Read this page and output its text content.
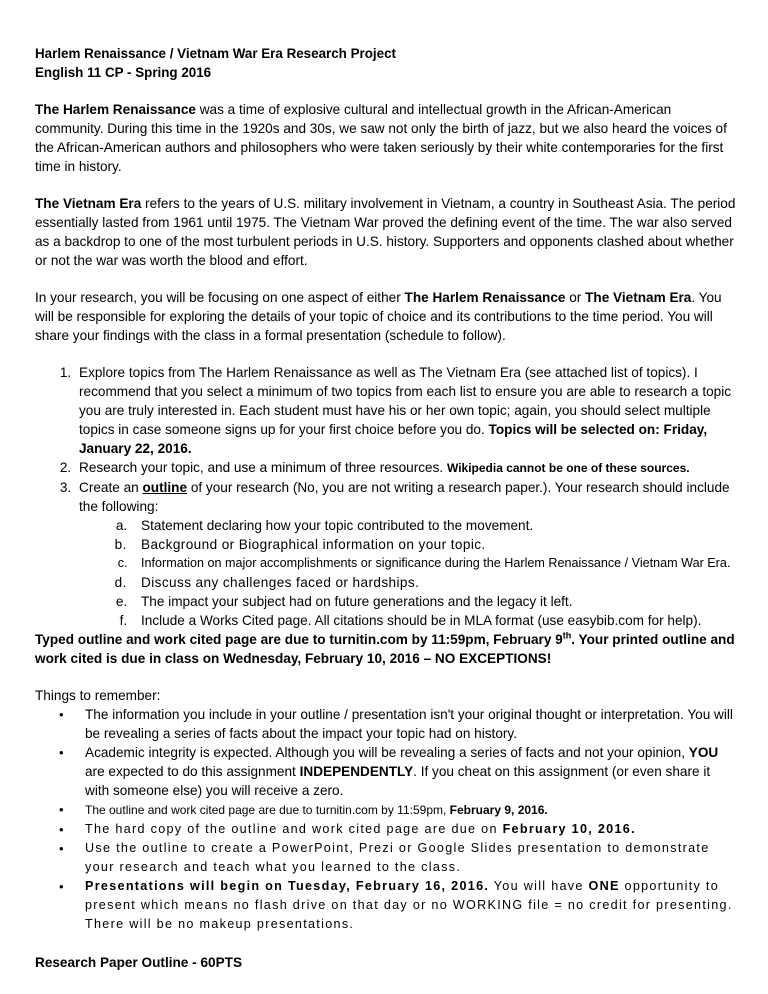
Harlem Renaissance / Vietnam War Era Research Project

English 11 CP - Spring 2016

The Harlem Renaissance was a time of explosive cultural and intellectual growth in the African-American community. During this time in the 1920s and 30s, we saw not only the birth of jazz, but we also heard the voices of the African-American authors and philosophers who were taken seriously by their white contemporaries for the first time in history.

The Vietnam Era refers to the years of U.S. military involvement in Vietnam, a country in Southeast Asia. The period essentially lasted from 1961 until 1975. The Vietnam War proved the defining event of the time. The war also served as a backdrop to one of the most turbulent periods in U.S. history. Supporters and opponents clashed about whether or not the war was worth the blood and effort.

In your research, you will be focusing on one aspect of either The Harlem Renaissance or The Vietnam Era. You will be responsible for exploring the details of your topic of choice and its contributions to the time period. You will share your findings with the class in a formal presentation (schedule to follow).

1. Explore topics from The Harlem Renaissance as well as The Vietnam Era (see attached list of topics). I recommend that you select a minimum of two topics from each list to ensure you are able to research a topic you are truly interested in. Each student must have his or her own topic; again, you should select multiple topics in case someone signs up for your first choice before you do. Topics will be selected on: Friday, January 22, 2016.
2. Research your topic, and use a minimum of three resources. Wikipedia cannot be one of these sources.
3. Create an outline of your research (No, you are not writing a research paper.). Your research should include the following:
a. Statement declaring how your topic contributed to the movement.
b. Background or Biographical information on your topic.
c. Information on major accomplishments or significance during the Harlem Renaissance / Vietnam War Era.
d. Discuss any challenges faced or hardships.
e. The impact your subject had on future generations and the legacy it left.
f. Include a Works Cited page. All citations should be in MLA format (use easybib.com for help).

Typed outline and work cited page are due to turnitin.com by 11:59pm, February 9th. Your printed outline and work cited is due in class on Wednesday, February 10, 2016 – NO EXCEPTIONS!

Things to remember:

• The information you include in your outline / presentation isn't your original thought or interpretation. You will be revealing a series of facts about the impact your topic had on history.
• Academic integrity is expected. Although you will be revealing a series of facts and not your opinion, YOU are expected to do this assignment INDEPENDENTLY. If you cheat on this assignment (or even share it with someone else) you will receive a zero.
• The outline and work cited page are due to turnitin.com by 11:59pm, February 9, 2016.
• The hard copy of the outline and work cited page are due on February 10, 2016.
• Use the outline to create a PowerPoint, Prezi or Google Slides presentation to demonstrate your research and teach what you learned to the class.
• Presentations will begin on Tuesday, February 16, 2016. You will have ONE opportunity to present which means no flash drive on that day or no WORKING file = no credit for presenting. There will be no makeup presentations.

Research Paper Outline - 60PTS
